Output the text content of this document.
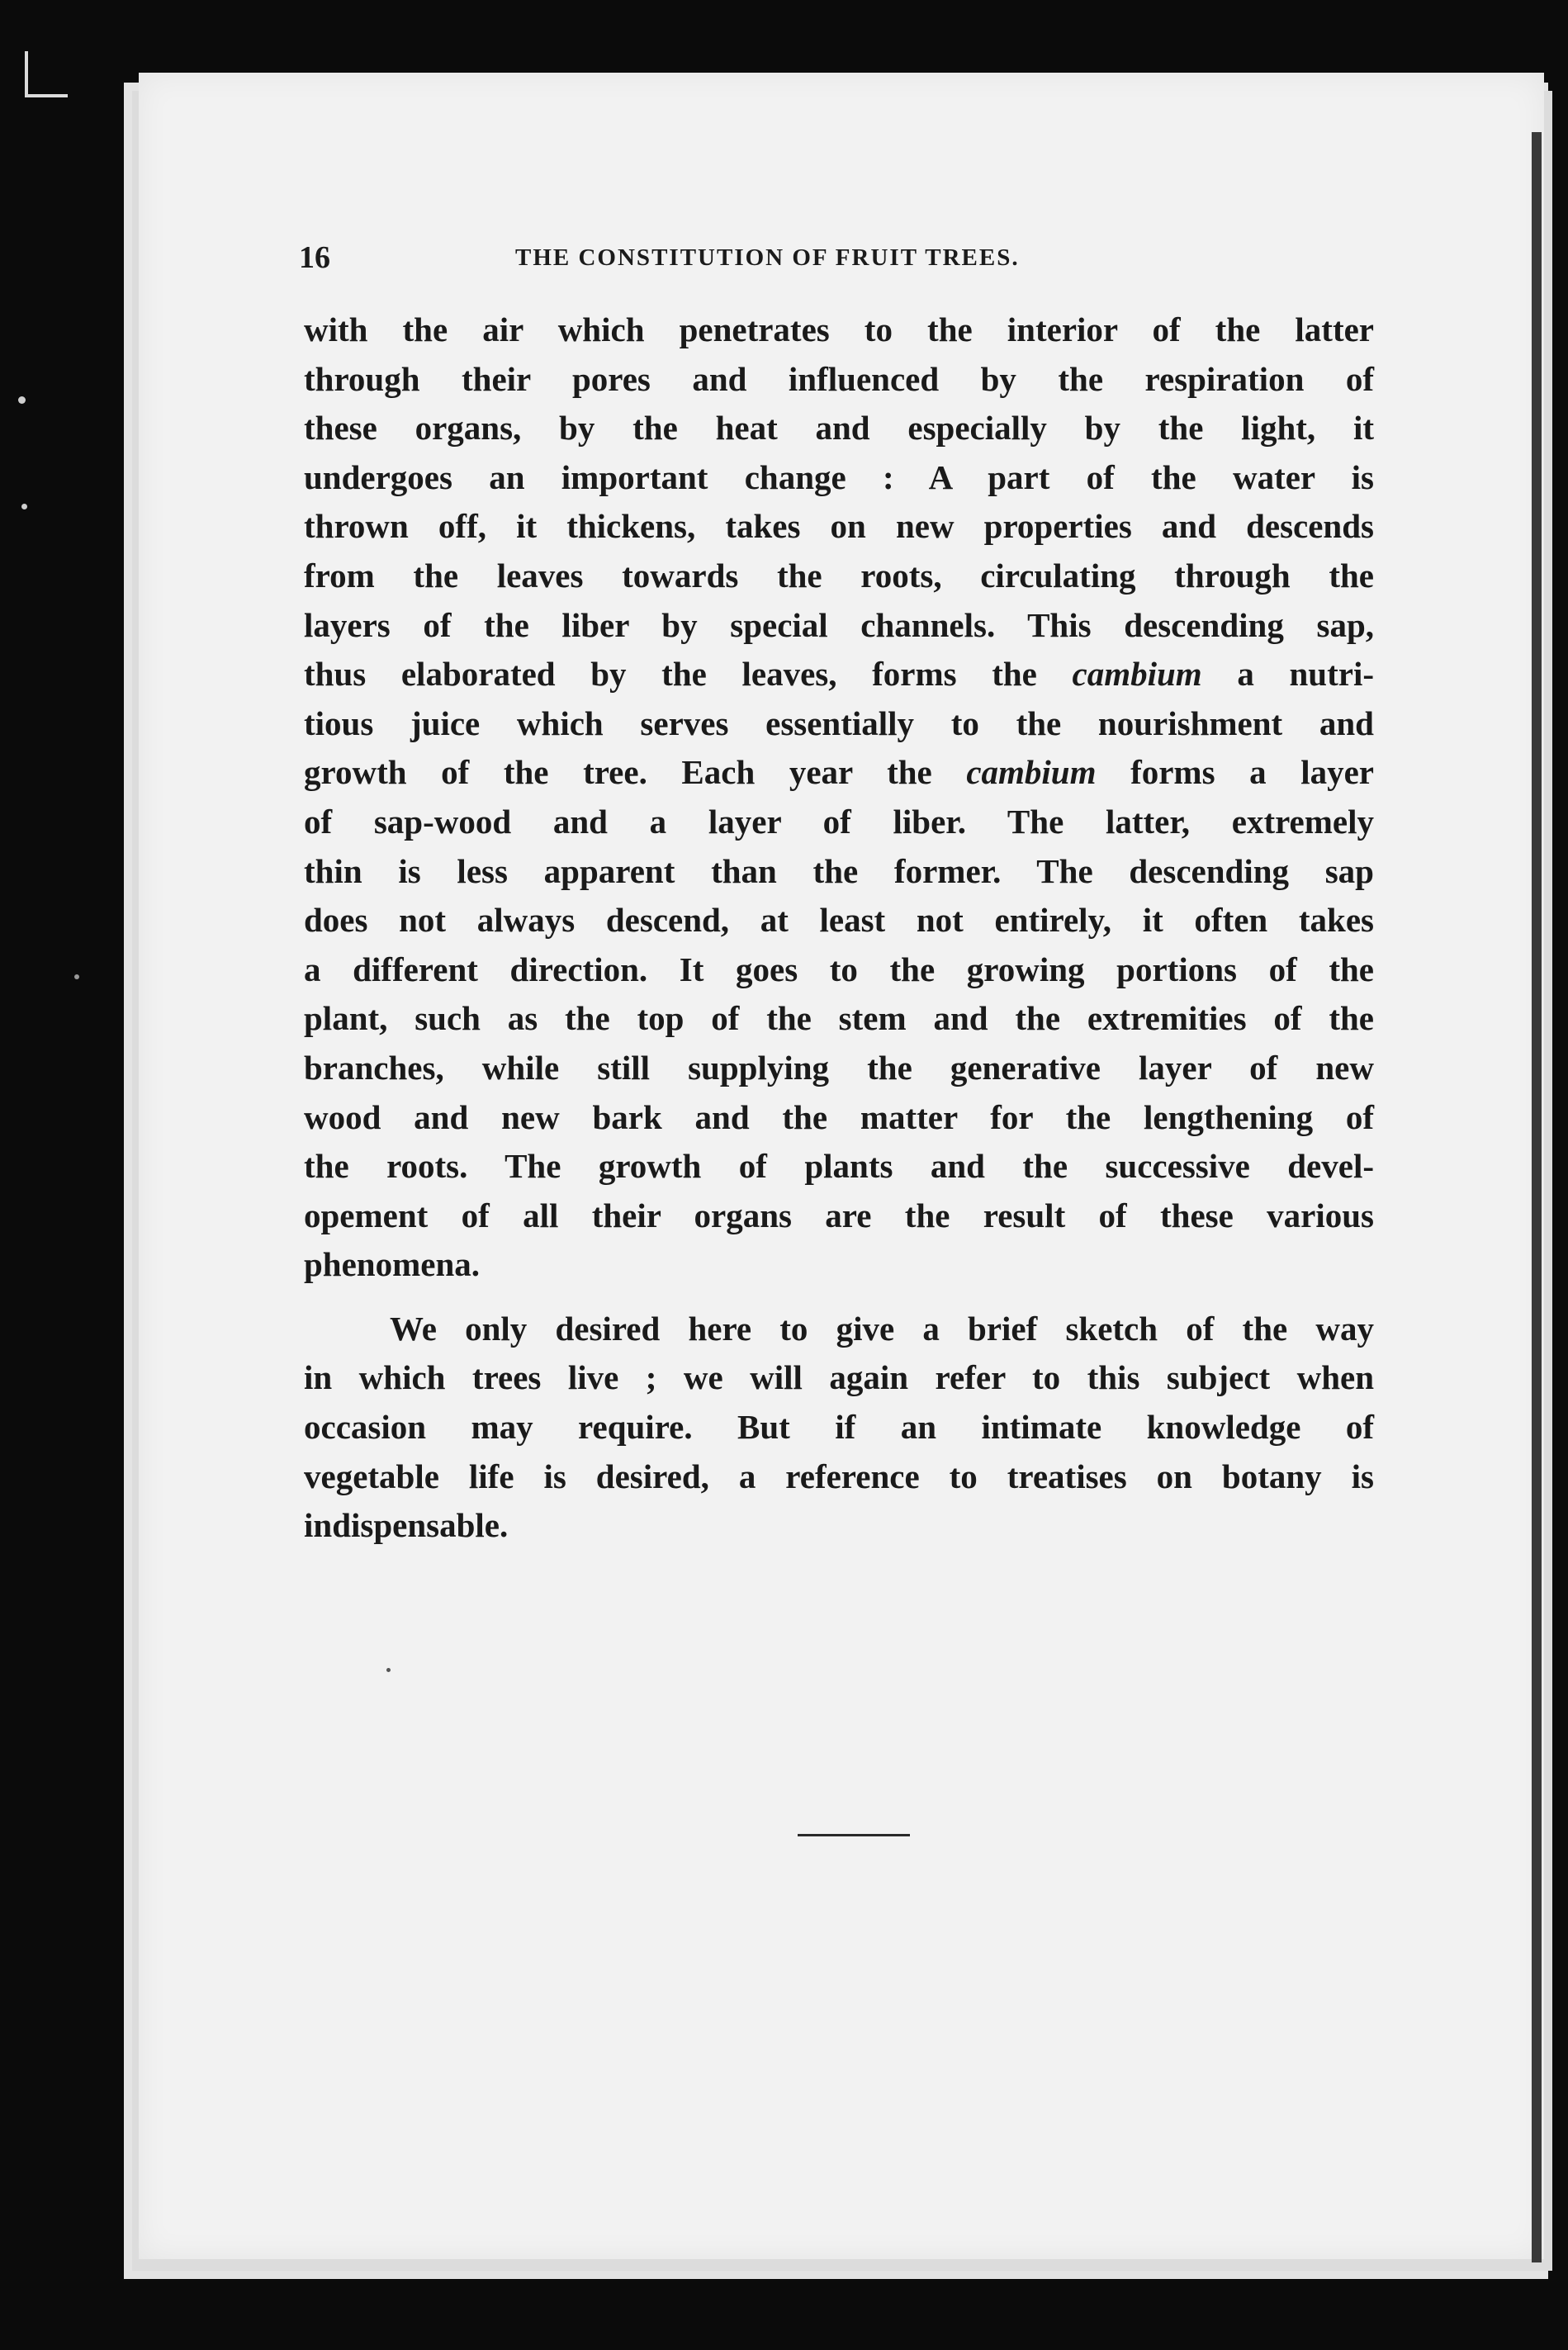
16	THE CONSTITUTION OF FRUIT TREES.
with the air which penetrates to the interior of the latter
through their pores and influenced by the respiration of
these organs, by the heat and especially by the light, it
undergoes an important change : A part of the water is
thrown off, it thickens, takes on new properties and descends
from the leaves towards the roots, circulating through the
layers of the liber by special channels. This descending sap,
thus elaborated by the leaves, forms the cambium a nutri-
tious juice which serves essentially to the nourishment and
growth of the tree. Each year the cambium forms a layer
of sap-wood and a layer of liber. The latter, extremely
thin is less apparent than the former. The descending sap
does not always descend, at least not entirely, it often takes
a different direction. It goes to the growing portions of the
plant, such as the top of the stem and the extremities of the
branches, while still supplying the generative layer of new
wood and new bark and the matter for the lengthening of
the roots. The growth of plants and the successive devel-
opement of all their organs are the result of these various
phenomena.
We only desired here to give a brief sketch of the way
in which trees live ; we will again refer to this subject when
occasion may require. But if an intimate knowledge of
vegetable life is desired, a reference to treatises on botany is
indispensable.
